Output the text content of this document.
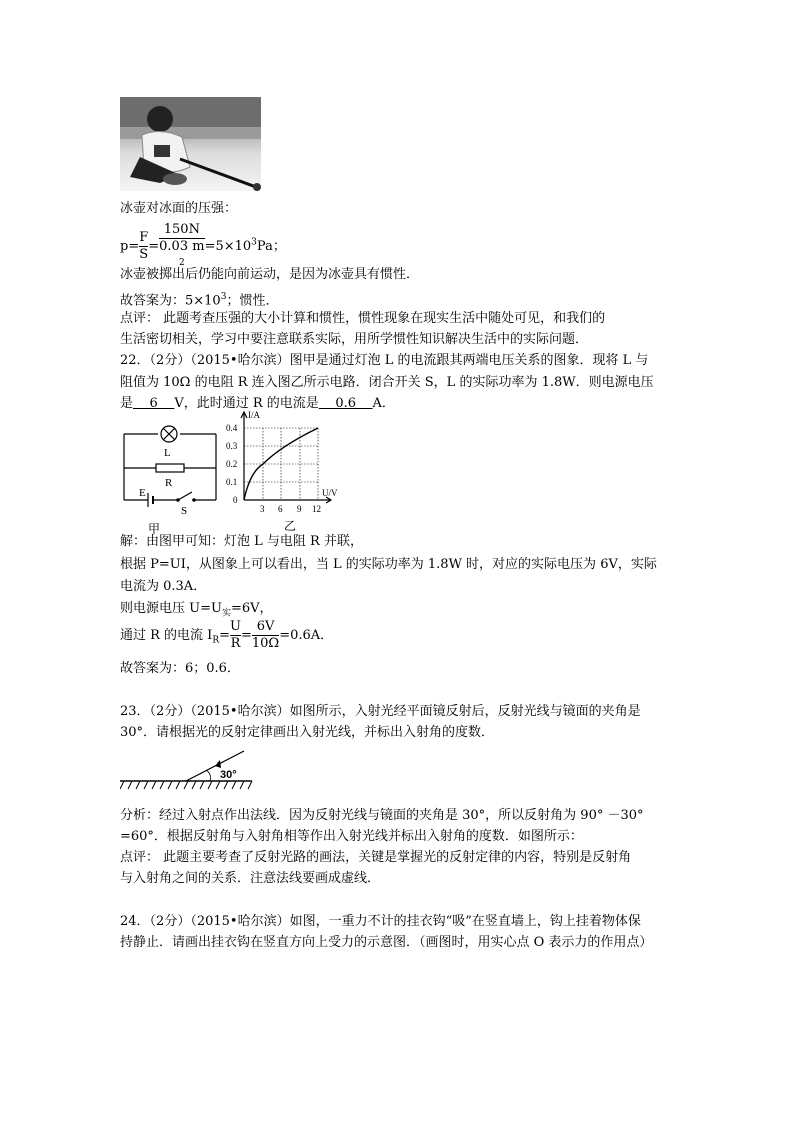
冰壶对冰面的压强：
$p= \frac{F}{S} = 150N$
0.03 m
$2 =5\times 10^3Pa$；
冰壶被掷出后仍能向前运动，是因为冰壶具有惯性．
故答案为：$5\times 10^3$；惯性．
点评： 此题考查压强的大小计算和惯性，惯性现象在现实生活中随处可见，和我们的
生活密切相关，学习中要注意联系实际，用所学惯性知识解决生活中的实际问题．
22．（2分）（2015•哈尔滨）图甲是通过灯泡 L 的电流跟其两端电压关系的图象．现将 L 与
阻值为 10Ω 的电阻 R 连入图乙所示电路．闭合开关 S，L 的实际功率为 1.8W．则电源电压
是    6    V，此时通过 R 的电流是    0.6    A．
L
R
E
S
甲
I/A
U/V
0.4
0.3
0.2
0.1
0
3 6 9 12
乙
解：由图甲可知：灯泡 L 与电阻 R 并联，
根据 P=UI，从图象上可以看出，当 L 的实际功率为 1.8W 时，对应的实际电压为 6V，实际
电流为 0.3A．
则电源电压 $U=U_实=6V$，
通过 R 的电流 $I_R= \frac{U}{R} = \frac{6V}{10\Omega} =0.6A$．
故答案为：6；0.6．
23．（2分）（2015•哈尔滨）如图所示，入射光经平面镜反射后，反射光线与镜面的夹角是
30°．请根据光的反射定律画出入射光线，并标出入射角的度数．
30°
分析：经过入射点作出法线．因为反射光线与镜面的夹角是 30°，所以反射角为 90° －30°
=60°．根据反射角与入射角相等作出入射光线并标出入射角的度数．如图所示：
点评： 此题主要考查了反射光路的画法，关键是掌握光的反射定律的内容，特别是反射角
与入射角之间的关系．注意法线要画成虚线．
24．（2分）（2015•哈尔滨）如图，一重力不计的挂衣钩“吸”在竖直墙上，钩上挂着物体保
持静止．请画出挂衣钩在竖直方向上受力的示意图．（画图时，用实心点 O 表示力的作用点）
